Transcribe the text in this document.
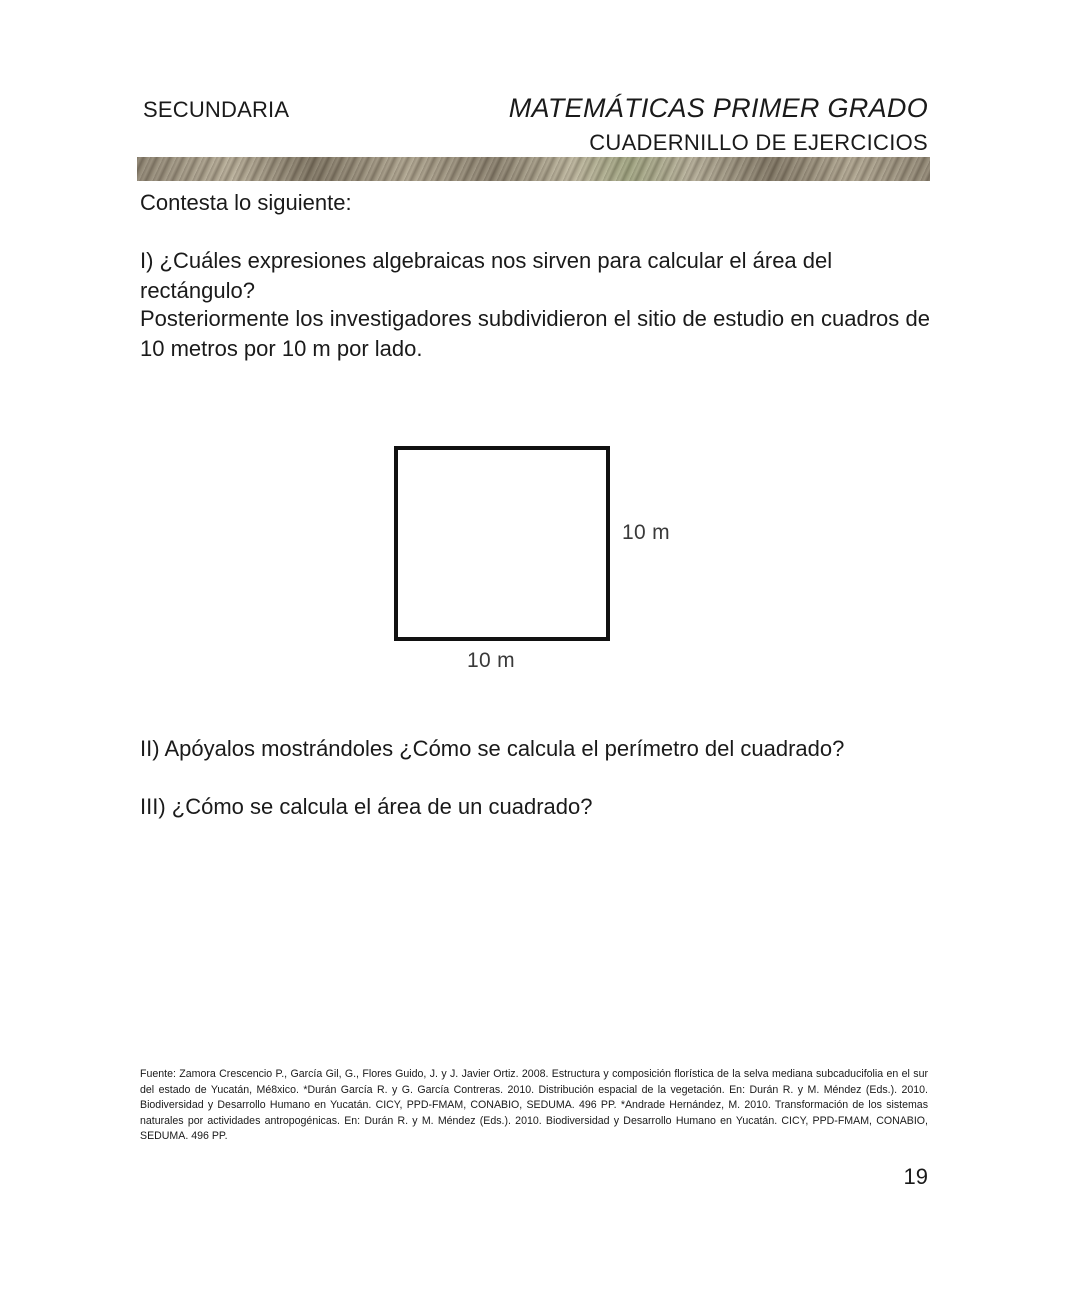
SECUNDARIA	MATEMÁTICAS PRIMER GRADO
CUADERNILLO DE EJERCICIOS
Contesta lo siguiente:
I) ¿Cuáles expresiones algebraicas nos sirven para calcular el área del rectángulo?
Posteriormente los investigadores subdividieron el sitio de estudio en cuadros de 10 metros por 10 m por lado.
10 m
10 m
II) Apóyalos mostrándoles ¿Cómo se calcula el perímetro del cuadrado?
III) ¿Cómo se calcula el área de un cuadrado?
Fuente: Zamora Crescencio P., García Gil, G., Flores Guido, J. y J. Javier Ortiz. 2008. Estructura y composición florística de la selva mediana subcaducifolia en el sur del estado de Yucatán, Mé8xico. *Durán García R. y G. García Contreras. 2010. Distribución espacial de la vegetación. En: Durán R. y M. Méndez (Eds.). 2010. Biodiversidad y Desarrollo Humano en Yucatán. CICY, PPD-FMAM, CONABIO, SEDUMA. 496 PP. *Andrade Hernández, M. 2010. Transformación de los sistemas naturales por actividades antropogénicas. En: Durán R. y M. Méndez (Eds.). 2010. Biodiversidad y Desarrollo Humano en Yucatán. CICY, PPD-FMAM, CONABIO, SEDUMA. 496 PP.
19
